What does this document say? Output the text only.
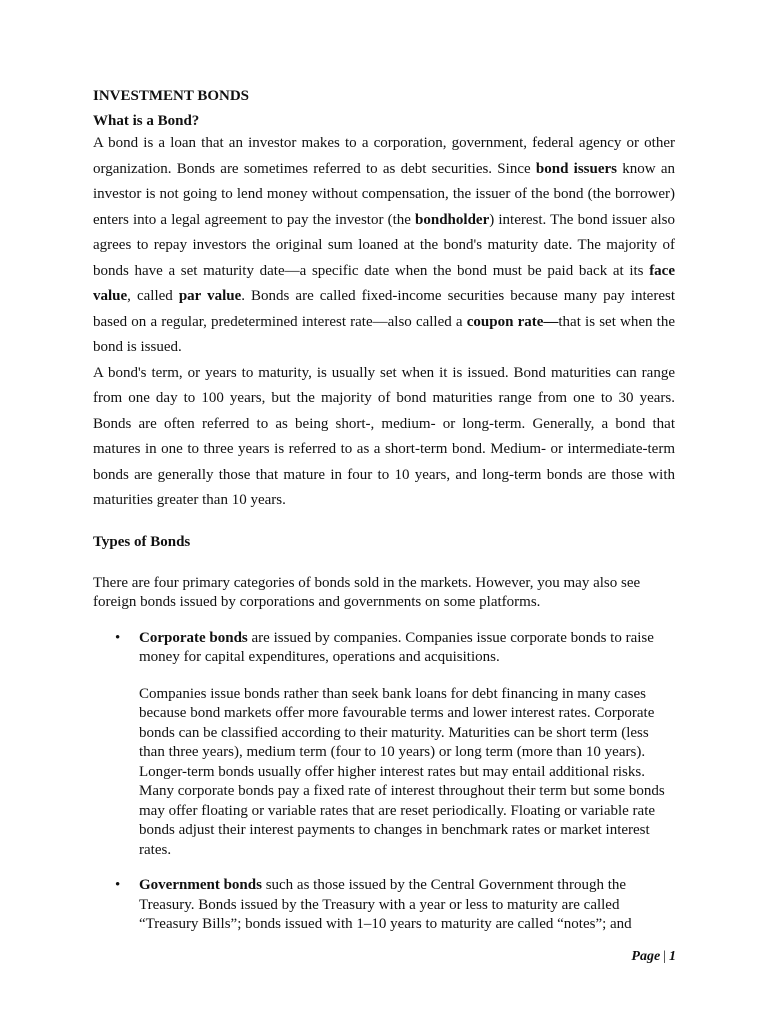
INVESTMENT BONDS
What is a Bond?

A bond is a loan that an investor makes to a corporation, government, federal agency or other organization. Bonds are sometimes referred to as debt securities. Since bond issuers know an investor is not going to lend money without compensation, the issuer of the bond (the borrower) enters into a legal agreement to pay the investor (the bondholder) interest. The bond issuer also agrees to repay investors the original sum loaned at the bond's maturity date. The majority of bonds have a set maturity date—a specific date when the bond must be paid back at its face value, called par value. Bonds are called fixed-income securities because many pay interest based on a regular, predetermined interest rate—also called a coupon rate—that is set when the bond is issued.

A bond's term, or years to maturity, is usually set when it is issued. Bond maturities can range from one day to 100 years, but the majority of bond maturities range from one to 30 years. Bonds are often referred to as being short-, medium- or long-term. Generally, a bond that matures in one to three years is referred to as a short-term bond. Medium- or intermediate-term bonds are generally those that mature in four to 10 years, and long-term bonds are those with maturities greater than 10 years.

Types of Bonds

There are four primary categories of bonds sold in the markets. However, you may also see foreign bonds issued by corporations and governments on some platforms.

• Corporate bonds are issued by companies. Companies issue corporate bonds to raise money for capital expenditures, operations and acquisitions.

Companies issue bonds rather than seek bank loans for debt financing in many cases because bond markets offer more favourable terms and lower interest rates. Corporate bonds can be classified according to their maturity. Maturities can be short term (less than three years), medium term (four to 10 years) or long term (more than 10 years). Longer-term bonds usually offer higher interest rates but may entail additional risks. Many corporate bonds pay a fixed rate of interest throughout their term but some bonds may offer floating or variable rates that are reset periodically. Floating or variable rate bonds adjust their interest payments to changes in benchmark rates or market interest rates.

• Government bonds such as those issued by the Central Government through the Treasury. Bonds issued by the Treasury with a year or less to maturity are called “Treasury Bills”; bonds issued with 1–10 years to maturity are called “notes”; and

Page | 1
